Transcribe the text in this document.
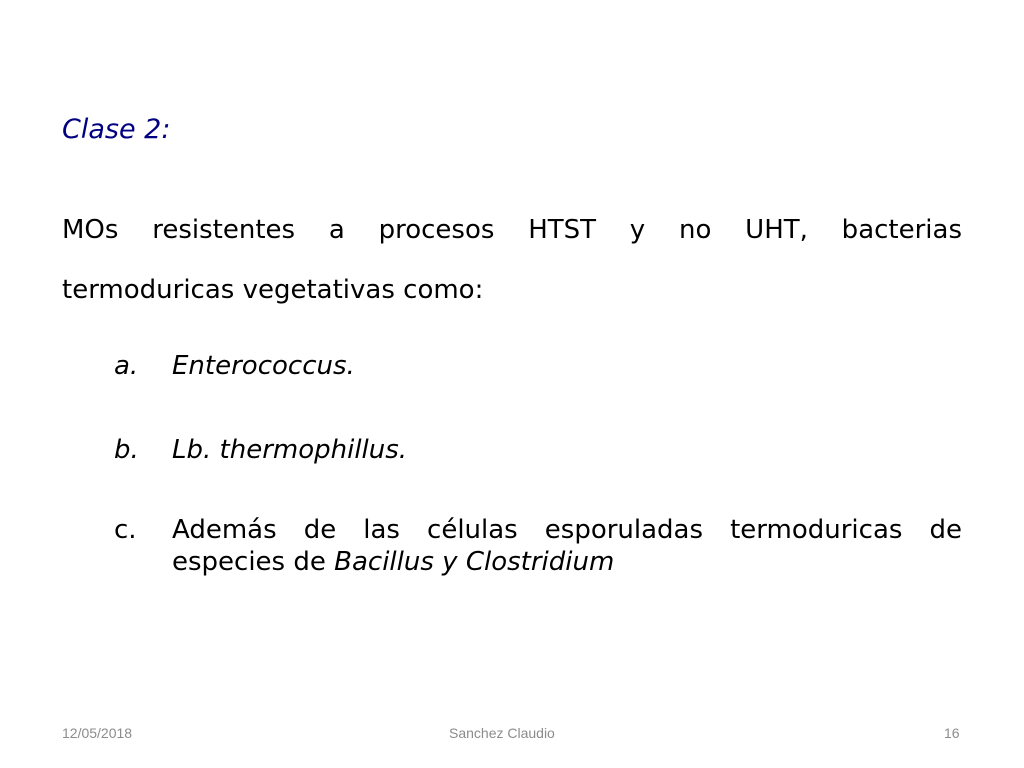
Clase 2:
MOs resistentes a procesos HTST y no UHT, bacterias
termoduricas vegetativas como:
a.	Enterococcus.
b.	Lb. thermophillus.
c.	Además de las células esporuladas termoduricas de
especies de Bacillus y Clostridium
12/05/2018	Sanchez Claudio	16
